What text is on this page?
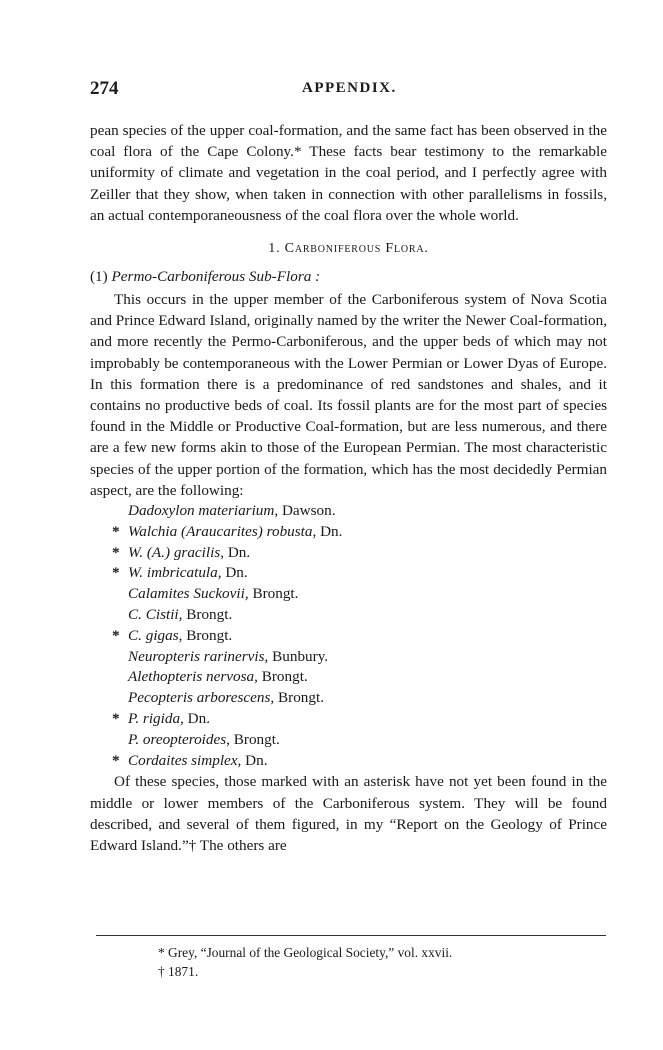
274	APPENDIX.

pean species of the upper coal-formation, and the same fact has been observed in the coal flora of the Cape Colony.* These facts bear testimony to the remarkable uniformity of climate and vegetation in the coal period, and I perfectly agree with Zeiller that they show, when taken in connection with other parallelisms in fossils, an actual contemporaneousness of the coal flora over the whole world.

1. Carboniferous Flora.
(1) Permo-Carboniferous Sub-Flora :

This occurs in the upper member of the Carboniferous system of Nova Scotia and Prince Edward Island, originally named by the writer the Newer Coal-formation, and more recently the Permo-Carboniferous, and the upper beds of which may not improbably be contemporaneous with the Lower Permian or Lower Dyas of Europe. In this formation there is a predominance of red sandstones and shales, and it contains no productive beds of coal. Its fossil plants are for the most part of species found in the Middle or Productive Coal-formation, but are less numerous, and there are a few new forms akin to those of the European Permian. The most characteristic species of the upper portion of the formation, which has the most decidedly Permian aspect, are the following:

Dadoxylon materiarium, Dawson.
* Walchia (Araucarites) robusta, Dn.
* W. (A.) gracilis, Dn.
* W. imbricatula, Dn.
Calamites Suckovii, Brongt.
C. Cistii, Brongt.
* C. gigas, Brongt.
Neuropteris rarinervis, Bunbury.
Alethopteris nervosa, Brongt.
Pecopteris arborescens, Brongt.
* P. rigida, Dn.
P. oreopteroides, Brongt.
* Cordaites simplex, Dn.

Of these species, those marked with an asterisk have not yet been found in the middle or lower members of the Carboniferous system. They will be found described, and several of them figured, in my “Report on the Geology of Prince Edward Island.”† The others are

* Grey, “Journal of the Geological Society,” vol. xxvii.

† 1871.
